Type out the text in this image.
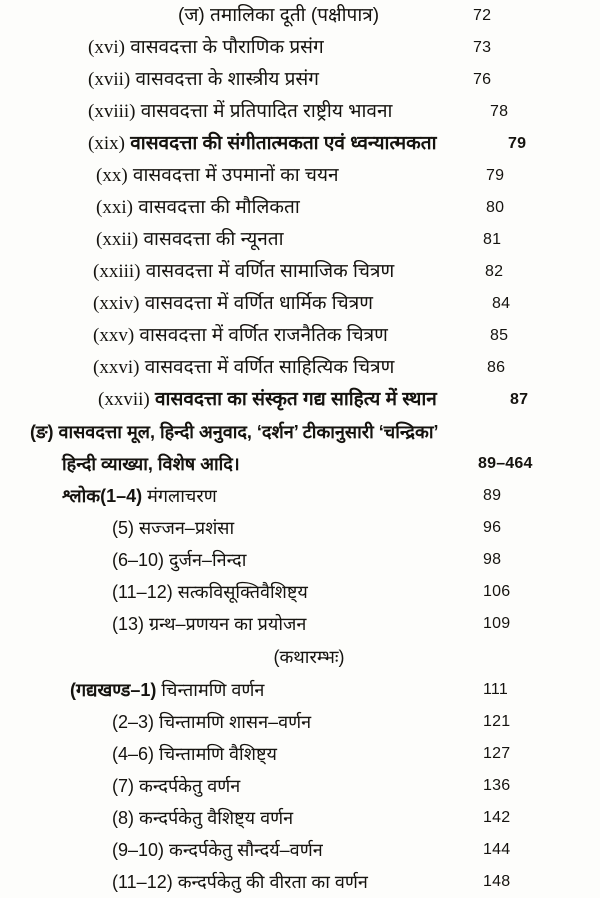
(ज) तमालिका दूती (पक्षीपात्र)	72
(xvi) वासवदत्ता के पौराणिक प्रसंग	73
(xvii) वासवदत्ता के शास्त्रीय प्रसंग	76
(xviii) वासवदत्ता में प्रतिपादित राष्ट्रीय भावना	78
(xix) वासवदत्ता की संगीतात्मकता एवं ध्वन्यात्मकता	79
(xx) वासवदत्ता में उपमानों का चयन	79
(xxi) वासवदत्ता की मौलिकता	80
(xxii) वासवदत्ता की न्यूनता	81
(xxiii) वासवदत्ता में वर्णित सामाजिक चित्रण	82
(xxiv) वासवदत्ता में वर्णित धार्मिक चित्रण	84
(xxv) वासवदत्ता में वर्णित राजनैतिक चित्रण	85
(xxvi) वासवदत्ता में वर्णित साहित्यिक चित्रण	86
(xxvii) वासवदत्ता का संस्कृत गद्य साहित्य में स्थान	87
(ङ) वासवदत्ता मूल, हिन्दी अनुवाद, ‘दर्शन’ टीकानुसारी ‘चन्द्रिका’
हिन्दी व्याख्या, विशेष आदि।	89–464
श्लोक(1–4) मंगलाचरण	89
(5) सज्जन–प्रशंसा	96
(6–10) दुर्जन–निन्दा	98
(11–12) सत्कविसूक्तिवैशिष्ट्य	106
(13) ग्रन्थ–प्रणयन का प्रयोजन	109
(कथारम्भः)
(गद्यखण्ड–1) चिन्तामणि वर्णन	111
(2–3) चिन्तामणि शासन–वर्णन	121
(4–6) चिन्तामणि वैशिष्ट्य	127
(7) कन्दर्पकेतु वर्णन	136
(8) कन्दर्पकेतु वैशिष्ट्य वर्णन	142
(9–10) कन्दर्पकेतु सौन्दर्य–वर्णन	144
(11–12) कन्दर्पकेतु की वीरता का वर्णन	148
